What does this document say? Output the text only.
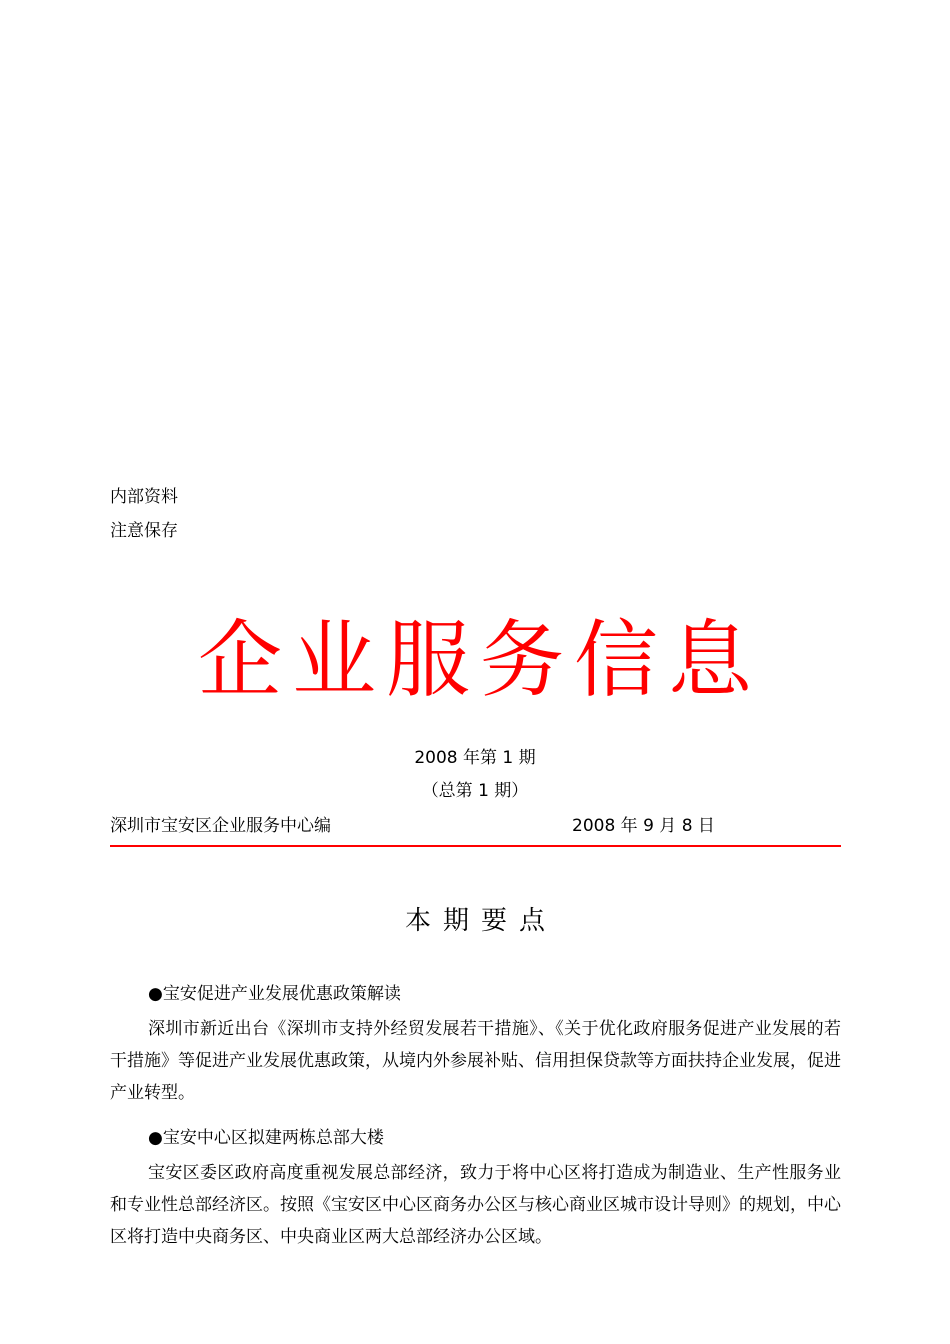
内部资料
注意保存
企业服务信息
2008 年第 1 期
（总第 1 期）
深圳市宝安区企业服务中心编	2008 年 9 月 8 日
本期要点
●宝安促进产业发展优惠政策解读
深圳市新近出台《深圳市支持外经贸发展若干措施》、《关于优化政府服务促进产业发展的若干措施》等促进产业发展优惠政策，从境内外参展补贴、信用担保贷款等方面扶持企业发展，促进产业转型。
●宝安中心区拟建两栋总部大楼
宝安区委区政府高度重视发展总部经济，致力于将中心区将打造成为制造业、生产性服务业和专业性总部经济区。按照《宝安区中心区商务办公区与核心商业区城市设计导则》的规划，中心区将打造中央商务区、中央商业区两大总部经济办公区域。
